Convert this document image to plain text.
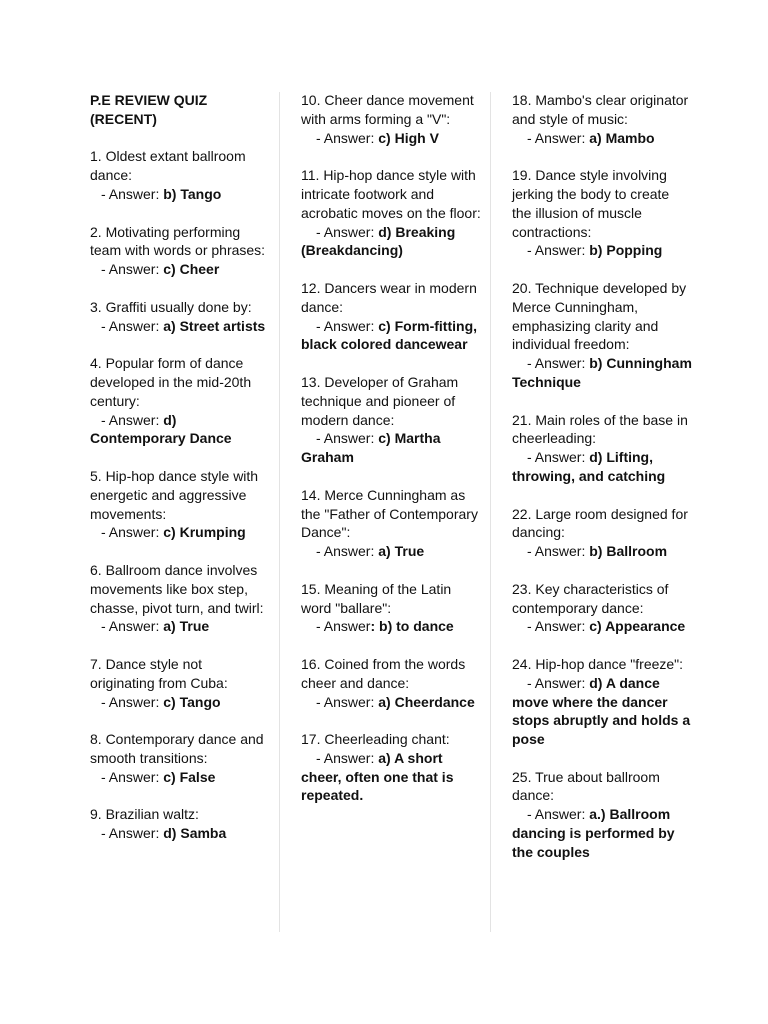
P.E REVIEW QUIZ (RECENT)
1. Oldest extant ballroom dance:
- Answer: b) Tango
2. Motivating performing team with words or phrases:
- Answer: c) Cheer
3. Graffiti usually done by:
- Answer: a) Street artists
4. Popular form of dance developed in the mid-20th century:
- Answer: d) Contemporary Dance
5. Hip-hop dance style with energetic and aggressive movements:
- Answer: c) Krumping
6. Ballroom dance involves movements like box step, chasse, pivot turn, and twirl:
- Answer: a) True
7. Dance style not originating from Cuba:
- Answer: c) Tango
8. Contemporary dance and smooth transitions:
- Answer: c) False
9. Brazilian waltz:
- Answer: d) Samba
10. Cheer dance movement with arms forming a "V":
- Answer: c) High V
11. Hip-hop dance style with intricate footwork and acrobatic moves on the floor:
- Answer: d) Breaking (Breakdancing)
12. Dancers wear in modern dance:
- Answer: c) Form-fitting, black colored dancewear
13. Developer of Graham technique and pioneer of modern dance:
- Answer: c) Martha Graham
14. Merce Cunningham as the "Father of Contemporary Dance":
- Answer: a) True
15. Meaning of the Latin word "ballare":
- Answer: b) to dance
16. Coined from the words cheer and dance:
- Answer: a) Cheerdance
17. Cheerleading chant:
- Answer: a) A short cheer, often one that is repeated.
18. Mambo's clear originator and style of music:
- Answer: a) Mambo
19. Dance style involving jerking the body to create the illusion of muscle contractions:
- Answer: b) Popping
20. Technique developed by Merce Cunningham, emphasizing clarity and individual freedom:
- Answer: b) Cunningham Technique
21. Main roles of the base in cheerleading:
- Answer: d) Lifting, throwing, and catching
22. Large room designed for dancing:
- Answer: b) Ballroom
23. Key characteristics of contemporary dance:
- Answer: c) Appearance
24. Hip-hop dance "freeze":
- Answer: d) A dance move where the dancer stops abruptly and holds a pose
25. True about ballroom dance:
- Answer: a.) Ballroom dancing is performed by the couples
